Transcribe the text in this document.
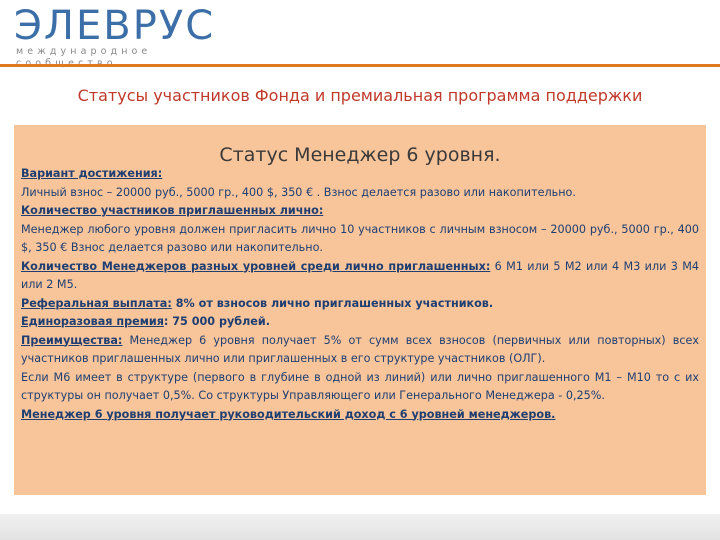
ЭЛЕВРУС
международное
Статусы участников Фонда и премиальная программа поддержки
Статус Менеджер 6 уровня.

Вариант достижения:

Личный взнос – 20000 руб., 5000 гр., 400 $, 350 € . Взнос делается разово или накопительно.

Количество участников приглашенных лично:

Менеджер любого уровня должен пригласить лично 10 участников с личным взносом – 20000 руб., 5000 гр., 400 $, 350 € Взнос делается разово или накопительно.

Количество Менеджеров разных уровней среди лично приглашенных: 6 М1 или 5 М2 или 4 М3 или 3 М4 или 2 М5.

Реферальная выплата: 8% от взносов лично приглашенных участников.

Единоразовая премия: 75 000 рублей.

Преимущества: Менеджер 6 уровня получает 5% от сумм всех взносов (первичных или повторных) всех участников приглашенных лично или приглашенных в его структуре участников (ОЛГ).

Если М6 имеет в структуре (первого в глубине в одной из линий) или лично приглашенного М1 – М10 то с их структуры он получает 0,5%. Со структуры Управляющего или Генерального Менеджера - 0,25%.

Менеджер 6 уровня получает руководительский доход с 6 уровней менеджеров.
